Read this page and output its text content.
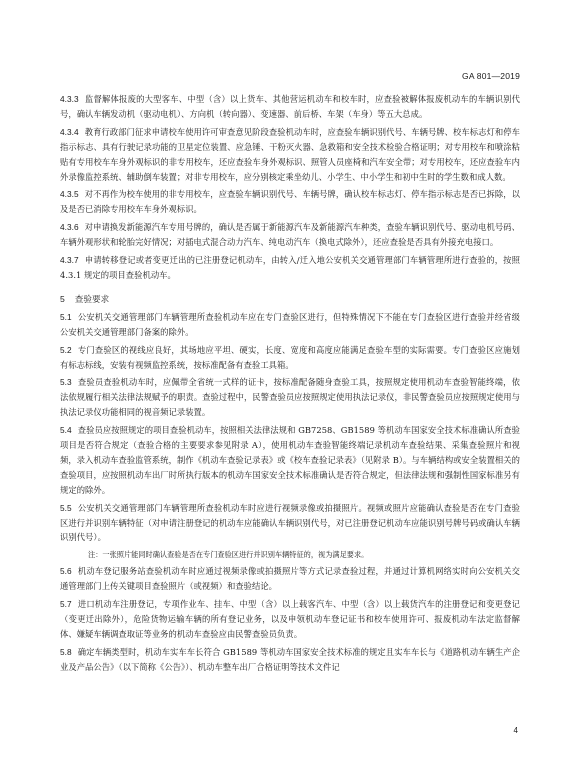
GA 801—2019

4.3.3 监督解体报废的大型客车、中型（含）以上货车、其他营运机动车和校车时，应查验被解体报废机动车的车辆识别代号，确认车辆发动机（驱动电机）、方向机（转向器）、变速器、前后桥、车架（车身）等五大总成。

4.3.4 教育行政部门征求申请校车使用许可审查意见阶段查验机动车时，应查验车辆识别代号、车辆号牌、校车标志灯和停车指示标志、具有行驶记录功能的卫星定位装置、应急锤、干粉灭火器、急救箱和安全技术检验合格证明；对专用校车和喷涂粘贴有专用校车车身外观标识的非专用校车，还应查验车身外观标识、照管人员座椅和汽车安全带；对专用校车，还应查验车内外录像监控系统、辅助倒车装置；对非专用校车，应分别核定乘坐幼儿、小学生、中小学生和初中生时的学生数和成人数。

4.3.5 对不再作为校车使用的非专用校车，应查验车辆识别代号、车辆号牌，确认校车标志灯、停车指示标志是否已拆除，以及是否已消除专用校车车身外观标识。

4.3.6 对申请换发新能源汽车专用号牌的，确认是否属于新能源汽车及新能源汽车种类，查验车辆识别代号、驱动电机号码、车辆外观形状和轮胎完好情况；对插电式混合动力汽车、纯电动汽车（换电式除外），还应查验是否具有外接充电接口。

4.3.7 申请转移登记或者变更迁出的已注册登记机动车，由转入/迁入地公安机关交通管理部门车辆管理所进行查验的，按照 4.3.1 规定的项目查验机动车。

5 查验要求

5.1 公安机关交通管理部门车辆管理所查验机动车应在专门查验区进行，但特殊情况下不能在专门查验区进行查验并经省级公安机关交通管理部门备案的除外。

5.2 专门查验区的视线应良好，其场地应平坦、硬实，长度、宽度和高度应能满足查验车型的实际需要。专门查验区应施划有标志标线，安装有视频监控系统，按标准配备有查验工具箱。

5.3 查验员查验机动车时，应佩带全省统一式样的证卡，按标准配备随身查验工具，按照规定使用机动车查验智能终端，依法依规履行相关法律法规赋予的职责。查验过程中，民警查验员应按照规定使用执法记录仪，非民警查验员应按照规定使用与执法记录仪功能相同的视音频记录装置。

5.4 查验员应按照规定的项目查验机动车，按照相关法律法规和 GB7258、GB1589 等机动车国家安全技术标准确认所查验项目是否符合规定（查验合格的主要要求参见附录 A），使用机动车查验智能终端记录机动车查验结果、采集查验照片和视频，录入机动车查验监管系统，制作《机动车查验记录表》或《校车查验记录表》（见附录 B）。与车辆结构或安全装置相关的查验项目，应按照机动车出厂时所执行版本的机动车国家安全技术标准确认是否符合规定，但法律法规和强制性国家标准另有规定的除外。

5.5 公安机关交通管理部门车辆管理所查验机动车时应进行视频录像或拍摄照片。视频或照片应能确认查验是否在专门查验区进行并识别车辆特征（对申请注册登记的机动车应能确认车辆识别代号，对已注册登记机动车应能识别号牌号码或确认车辆识别代号）。

注：一张照片能同时确认查验是否在专门查验区进行并识别车辆特征的，视为满足要求。

5.6 机动车登记服务站查验机动车时应通过视频录像或拍摄照片等方式记录查验过程，并通过计算机网络实时向公安机关交通管理部门上传关键项目查验照片（或视频）和查验结论。

5.7 进口机动车注册登记，专项作业车、挂车、中型（含）以上载客汽车、中型（含）以上载货汽车的注册登记和变更登记（变更迁出除外），危险货物运输车辆的所有登记业务，以及申领机动车登记证书和校车使用许可、报废机动车法定监督解体、嫌疑车辆调查取证等业务的机动车查验应由民警查验员负责。

5.8 确定车辆类型时，机动车实车车长符合 GB1589 等机动车国家安全技术标准的规定且实车车长与《道路机动车辆生产企业及产品公告》（以下简称《公告》）、机动车整车出厂合格证明等技术文件记

4
